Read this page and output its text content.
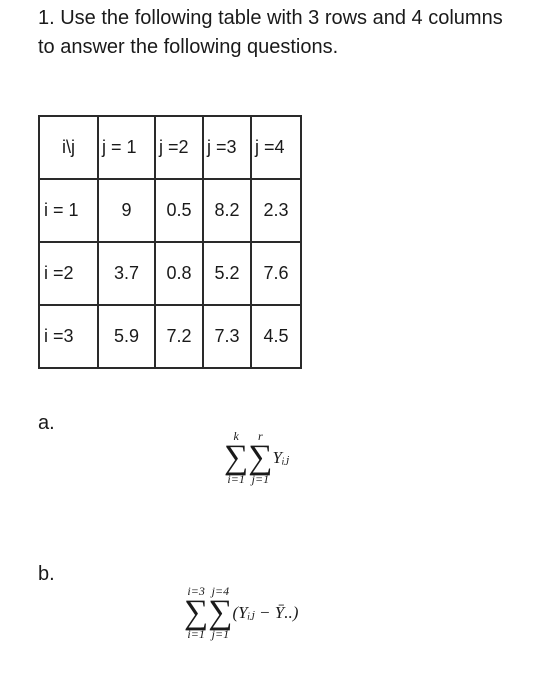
1. Use the following table with 3 rows and 4 columns to answer the following questions.

i\j	j = 1	j =2	j =3	j =4
i = 1	9	0.5	8.2	2.3
i =2	3.7	0.8	5.2	7.6
i =3	5.9	7.2	7.3	4.5
a.
k
∑
i=1
r
∑
j=1
Yᵢⱼ
b.
i=3
∑
i=1
j=4
∑
j=1
(Yᵢⱼ − Ȳ..)
